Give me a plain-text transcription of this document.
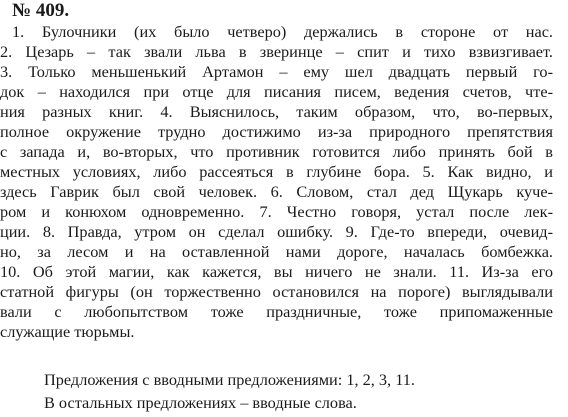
№ 409.
1. Булочники (их было четверо) держались в стороне от нас.
2. Цезарь – так звали льва в зверинце – спит и тихо взвизгивает.
3. Только меньшенький Артамон – ему шел двадцать первый го-
док – находился при отце для писания писем, ведения счетов, чте-
ния разных книг. 4. Выяснилось, таким образом, что, во-первых,
полное окружение трудно достижимо из-за природного препятствия
с запада и, во-вторых, что противник готовится либо принять бой в
местных условиях, либо рассеяться в глубине бора. 5. Как видно, и
здесь Гаврик был свой человек. 6. Словом, стал дед Щукарь куче-
ром и конюхом одновременно. 7. Честно говоря, устал после лек-
ции. 8. Правда, утром он сделал ошибку. 9. Где-то впереди, очевид-
но, за лесом и на оставленной нами дороге, началась бомбежка.
10. Об этой магии, как кажется, вы ничего не знали. 11. Из-за его
статной фигуры (он торжественно остановился на пороге) выглядывали
вали с любопытством тоже праздничные, тоже припомаженные
служащие тюрьмы.
Предложения с вводными предложениями: 1, 2, 3, 11.
В остальных предложениях – вводные слова.
